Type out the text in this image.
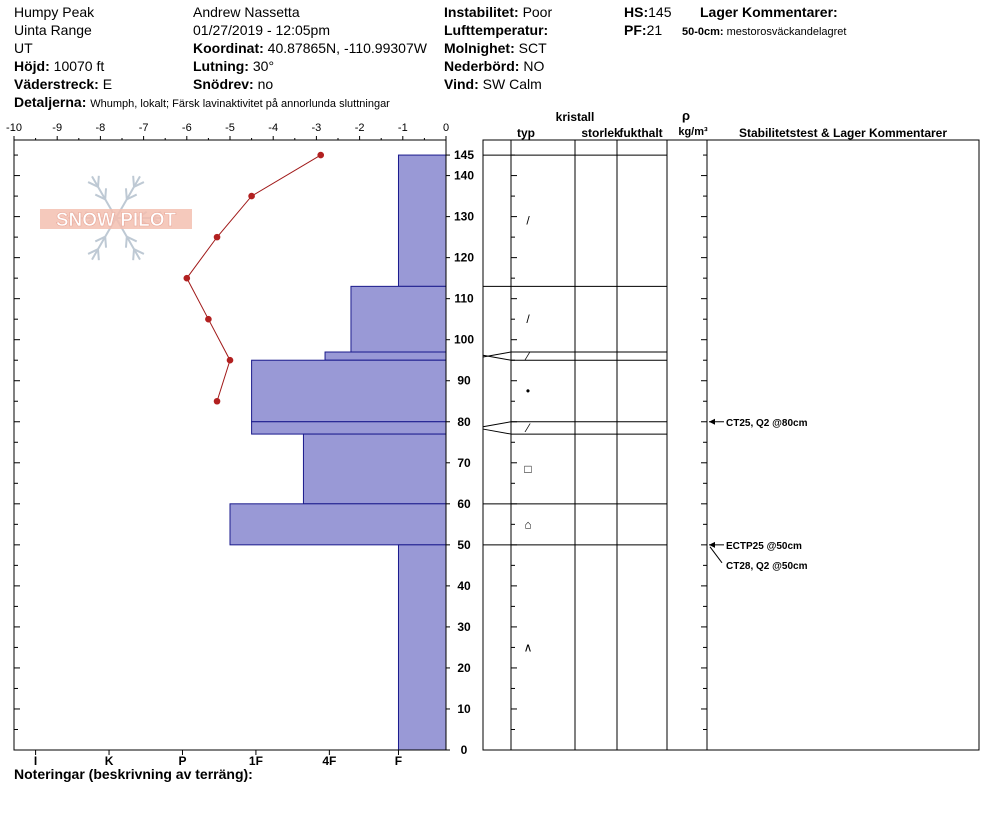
Humpy Peak
Uinta Range
UT
Höjd: 10070 ft
Väderstreck: E
Detaljerna: Whumph, lokalt; Färsk lavinaktivitet på annorlunda sluttningar
Andrew Nassetta
01/27/2019 - 12:05pm
Koordinat: 40.87865N, -110.99307W
Lutning: 30°
Snödrev: no
Instabilitet: Poor
Lufttemperatur:
Molnighet: SCT
Nederbörd: NO
Vind: SW Calm
HS:145
PF:21
Lager Kommentarer:
50-0cm: mestorosväckandelagret
Noteringar (beskrivning av terräng):
SNOW PILOT
-10	-9	-8	-7	-6	-5	-4	-3	-2	-1	0
I	K	P	1F	4F	F
0
10
20
30
40
50
60
70
80
90
100
110
120
130
140
145
/
/
⁄
•
⁄
□
⌂
∧
CT25, Q2 @80cm
ECTP25 @50cm
CT28, Q2 @50cm
kristall
typ	storlek
fukthalt
ρ
kg/m³	Stabilitetstest & Lager Kommentarer
